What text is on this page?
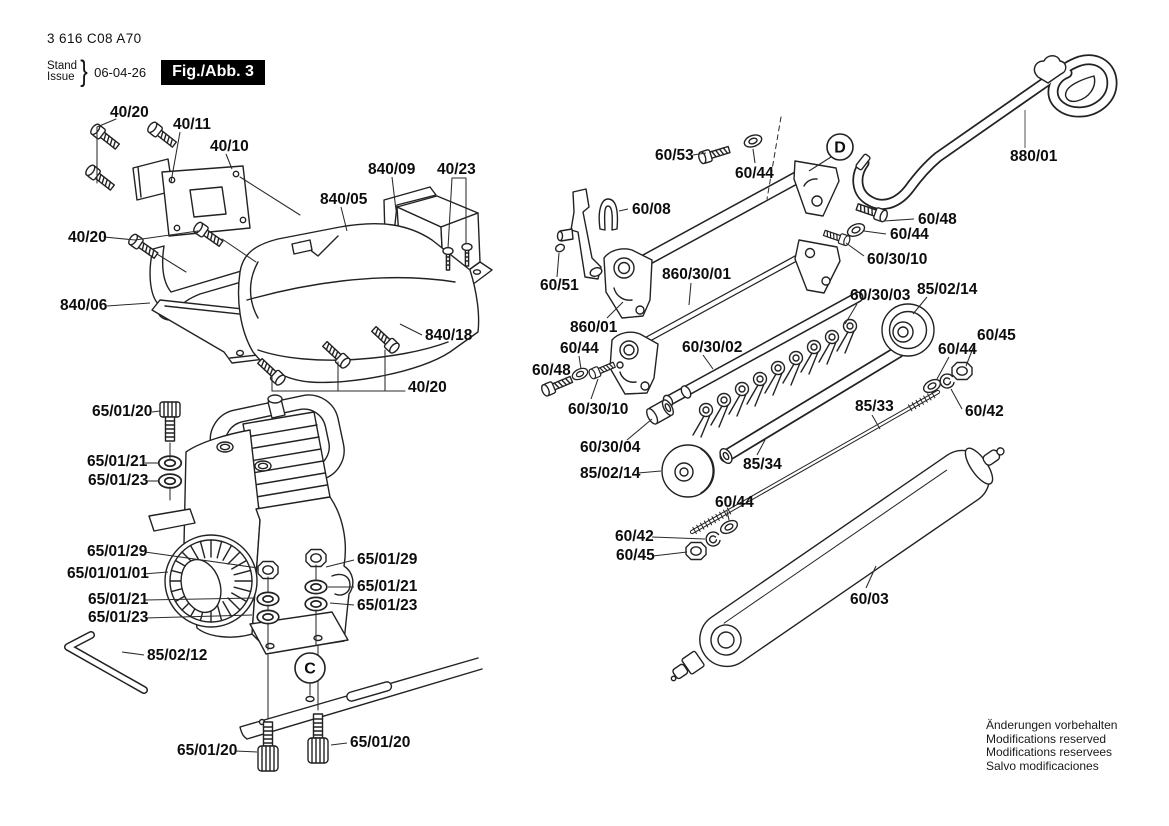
3 616 C08 A70
Stand
Issue } 06-04-26	Fig./Abb. 3
40/20
40/11
40/10
840/09 40/23
840/05
40/20
840/06
840/18
40/20
65/01/20
65/01/21
65/01/23
65/01/29
65/01/01/01
65/01/21
65/01/23
85/02/12
65/01/29
65/01/21
65/01/23
65/01/20	65/01/20
60/53
60/44
880/01
60/08
60/48
60/44
60/30/10
60/51
860/30/01
860/01
60/30/03 85/02/14
60/44
60/45
60/48
60/44
60/30/02
60/42
60/30/10	85/33
60/30/04
85/34
85/02/14
60/44
60/42
60/45
60/03
C
D
Änderungen vorbehalten
Modifications reserved
Modifications reservees
Salvo modificaciones
